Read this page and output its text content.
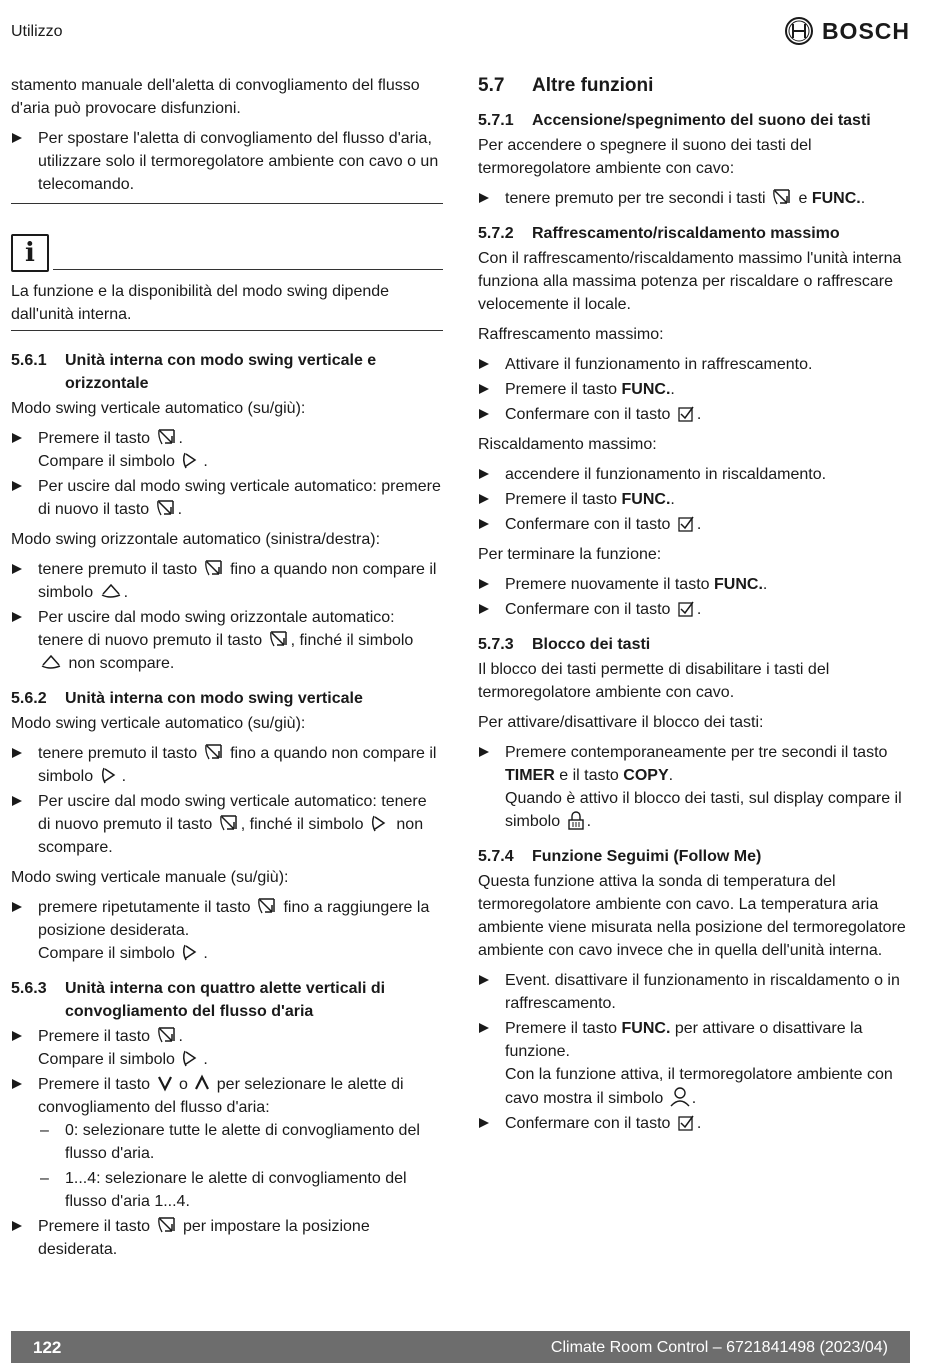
Utilizzo	BOSCH

stamento manuale dell'aletta di convogliamento del flusso d'aria può provocare disfunzioni.

Per spostare l'aletta di convogliamento del flusso d'aria, utilizzare solo il termoregolatore ambiente con cavo o un telecomando.
i

La funzione e la disponibilità del modo swing dipende dall'unità interna.

5.6.1	Unità interna con modo swing verticale e orizzontale

Modo swing verticale automatico (su/giù):

Premere il tasto .
Compare il simbolo .
Per uscire dal modo swing verticale automatico: premere di nuovo il tasto .

Modo swing orizzontale automatico (sinistra/destra):

tenere premuto il tasto fino a quando non compare il simbolo .
Per uscire dal modo swing orizzontale automatico: tenere di nuovo premuto il tasto , finché il simbolo  non scompare.
5.6.2	Unità interna con modo swing verticale

Modo swing verticale automatico (su/giù):

tenere premuto il tasto fino a quando non compare il simbolo .
Per uscire dal modo swing verticale automatico: tenere di nuovo premuto il tasto , finché il simbolo non scompare.

Modo swing verticale manuale (su/giù):

premere ripetutamente il tasto fino a raggiungere la posizione desiderata.
Compare il simbolo .
5.6.3	Unità interna con quattro alette verticali di convogliamento del flusso d'aria
Premere il tasto .
Compare il simbolo .
Premere il tasto o per selezionare le alette di convogliamento del flusso d'aria:
– 0: selezionare tutte le alette di convogliamento del flusso d'aria.
– 1...4: selezionare le alette di convogliamento del flusso d'aria 1...4.
Premere il tasto per impostare la posizione desiderata.
5.7	Altre funzioni
5.7.1	Accensione/spegnimento del suono dei tasti

Per accendere o spegnere il suono dei tasti del termoregolatore ambiente con cavo:

tenere premuto per tre secondi i tasti e FUNC..
5.7.2	Raffrescamento/riscaldamento massimo

Con il raffrescamento/riscaldamento massimo l'unità interna funziona alla massima potenza per riscaldare o raffrescare velocemente il locale.

Raffrescamento massimo:

Attivare il funzionamento in raffrescamento.
Premere il tasto FUNC..
Confermare con il tasto .

Riscaldamento massimo:

accendere il funzionamento in riscaldamento.
Premere il tasto FUNC..
Confermare con il tasto .

Per terminare la funzione:

Premere nuovamente il tasto FUNC..
Confermare con il tasto .
5.7.3	Blocco dei tasti

Il blocco dei tasti permette di disabilitare i tasti del termoregolatore ambiente con cavo.

Per attivare/disattivare il blocco dei tasti:

Premere contemporaneamente per tre secondi il tasto TIMER e il tasto COPY.
Quando è attivo il blocco dei tasti, sul display compare il simbolo .
5.7.4	Funzione Seguimi (Follow Me)

Questa funzione attiva la sonda di temperatura del termoregolatore ambiente con cavo. La temperatura aria ambiente viene misurata nella posizione del termoregolatore ambiente con cavo invece che in quella dell'unità interna.

Event. disattivare il funzionamento in riscaldamento o in raffrescamento.
Premere il tasto FUNC. per attivare o disattivare la funzione.
Con la funzione attiva, il termoregolatore ambiente con cavo mostra il simbolo .
Confermare con il tasto .
122	Climate Room Control – 6721841498 (2023/04)
